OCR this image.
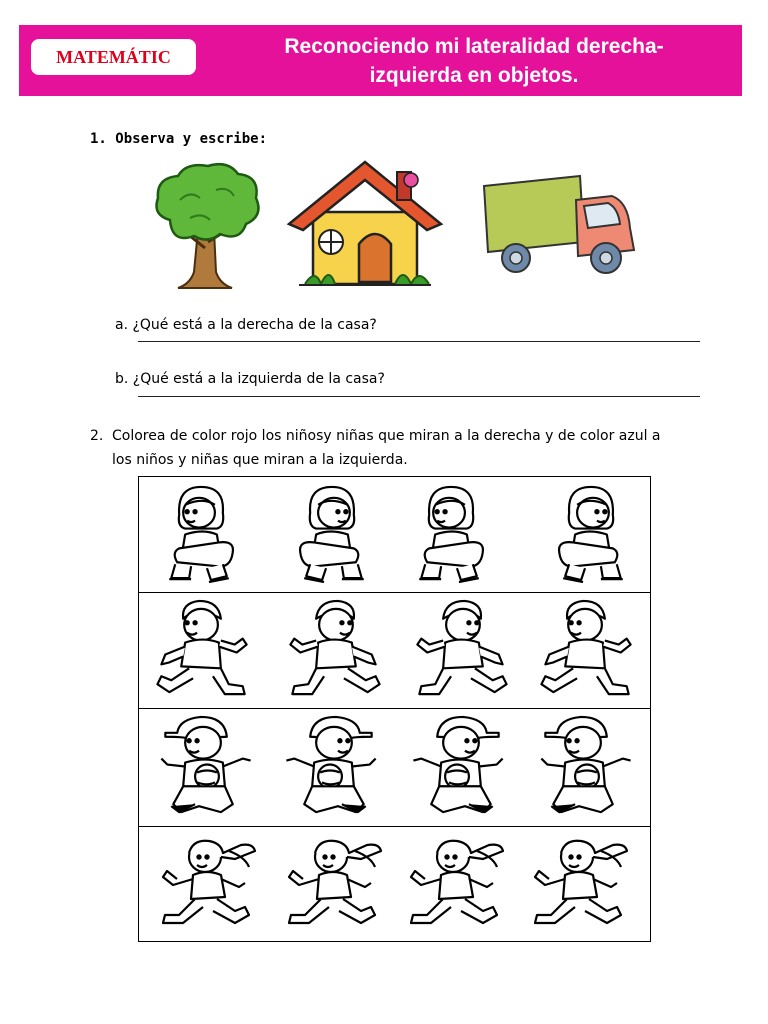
MATEMÁTIC	Reconociendo mi lateralidad derecha-
izquierda en objetos.
1. Observa y escribe:
a. ¿Qué está a la derecha de la casa?
b. ¿Qué está a la izquierda de la casa?
2. Colorea de color rojo los niñosy niñas que miran a la derecha y de color azul a
los niños y niñas que miran a la izquierda.
